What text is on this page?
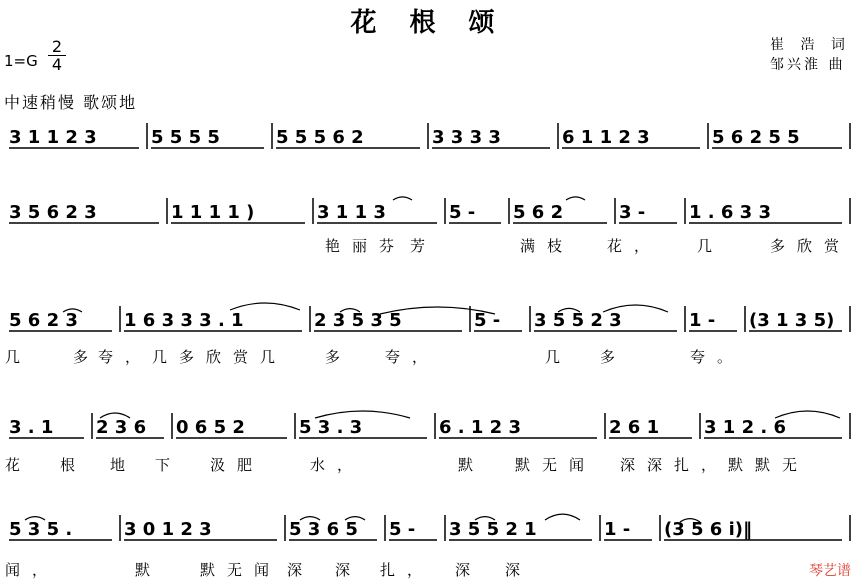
花 根 颂
崔 浩 词
邹兴淮 曲
1=G
2
4
中速稍慢 歌颂地
3 1 1 2 3	5 5 5 5	5 5 5 6 2	3 3 3 3	6 1 1 2 3	5 6 2 5 5
3 5 6 2 3	1 1 1 1 )	3 1 1 3	5 - 5 6 2	3 - 1 . 6 3 3
艳丽芬 芳	满枝 花， 几	多欣赏
5 6 2 3	1 6 3 3 3 . 1	2 3 5 3 5	5 - 3 5 5 2 3	1 - (3 1 3 5)
几	多
夸，几多欣赏几	多 夸，	几 多	夸。
3 . 1 2 3 6 0 6 5 2	5 3 . 3	6 . 1 2 3	2 6 1 3 1 2 . 6
花 根 地 下 汲肥	水，	默 默无闻 深深扎，默默无
5 3 5 .	3 0 1 2 3	5 3 6 5 5 - 3 5 5 2 1	1 - (3 5 6 i)‖
闻，	默	默无闻 深 深 扎， 深 深	琴艺谱
